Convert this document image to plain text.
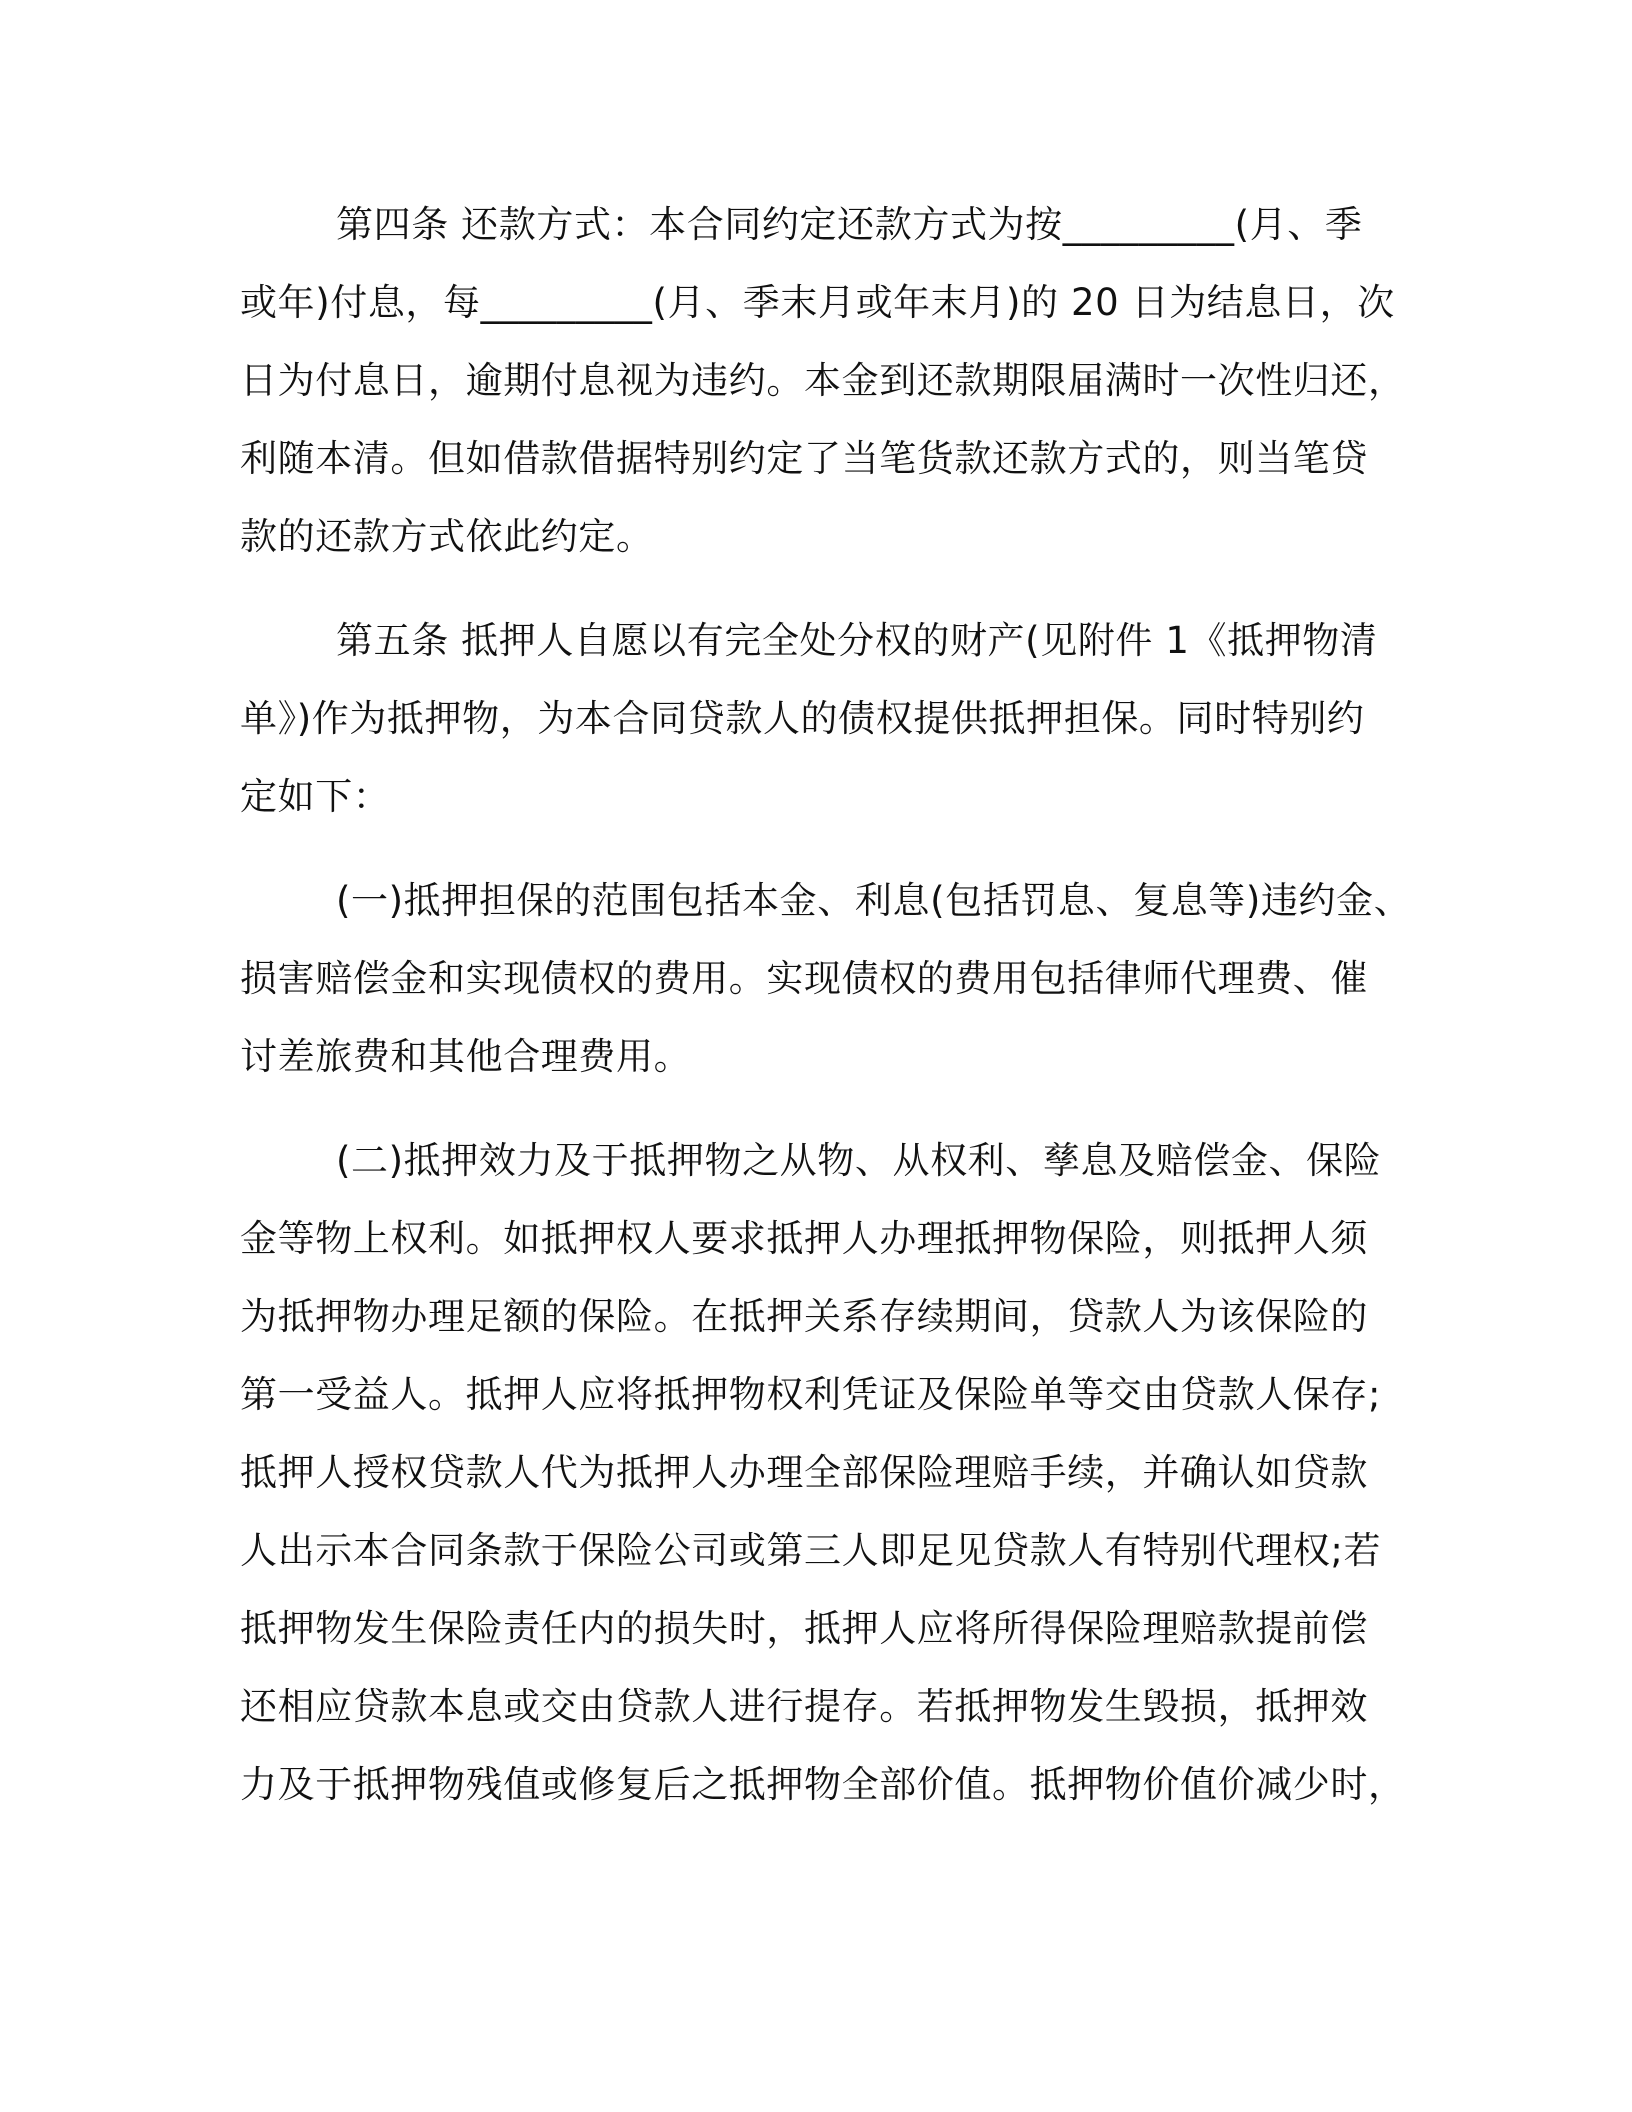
第四条 还款方式：本合同约定还款方式为按_________(月、季
或年)付息，每_________(月、季末月或年末月)的 20 日为结息日，次
日为付息日，逾期付息视为违约。本金到还款期限届满时一次性归还，
利随本清。但如借款借据特别约定了当笔货款还款方式的，则当笔贷
款的还款方式依此约定。
第五条 抵押人自愿以有完全处分权的财产(见附件 1《抵押物清
单》)作为抵押物，为本合同贷款人的债权提供抵押担保。同时特别约
定如下：
(一)抵押担保的范围包括本金、利息(包括罚息、复息等)违约金、
损害赔偿金和实现债权的费用。实现债权的费用包括律师代理费、催
讨差旅费和其他合理费用。
(二)抵押效力及于抵押物之从物、从权利、孳息及赔偿金、保险
金等物上权利。如抵押权人要求抵押人办理抵押物保险，则抵押人须
为抵押物办理足额的保险。在抵押关系存续期间，贷款人为该保险的
第一受益人。抵押人应将抵押物权利凭证及保险单等交由贷款人保存;
抵押人授权贷款人代为抵押人办理全部保险理赔手续，并确认如贷款
人出示本合同条款于保险公司或第三人即足见贷款人有特别代理权;若
抵押物发生保险责任内的损失时，抵押人应将所得保险理赔款提前偿
还相应贷款本息或交由贷款人进行提存。若抵押物发生毁损，抵押效
力及于抵押物残值或修复后之抵押物全部价值。抵押物价值价减少时，
